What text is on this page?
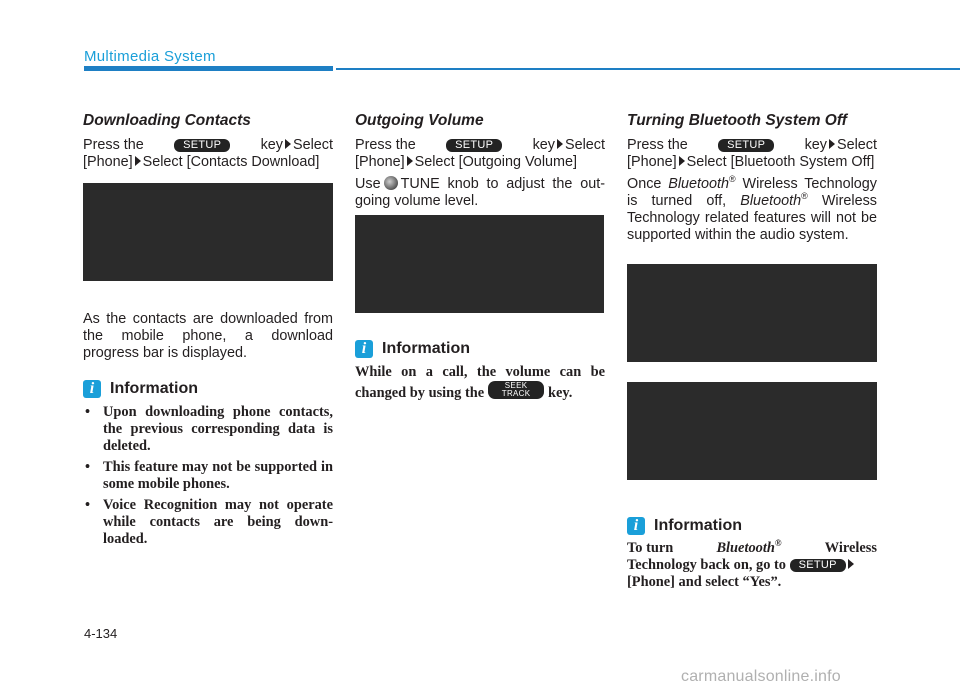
Multimedia System
Downloading Contacts

Press the	SETUP	key Select
[Phone] Select [Contacts Download]

As the contacts are downloaded from the mobile phone, a download progress bar is displayed.

i Information
• Upon downloading phone contacts, the previous corresponding data is deleted.
• This feature may not be supported in some mobile phones.
• Voice Recognition may not operate while contacts are being down-loaded.
Outgoing Volume

Press the	SETUP	key Select
[Phone] Select [Outgoing Volume]

Use TUNE knob to adjust the out-going volume level.

i Information

While on a call, the volume can be changed by using the	SEEK
TRACK key.

Turning Bluetooth System Off

Press the	SETUP	key Select
[Phone] Select [Bluetooth System Off]

Once Bluetooth® Wireless Technology is turned off, Bluetooth® Wireless Technology related features will not be supported within the audio system.

i Information

To turn	Bluetooth®	Wireless
Technology back on, go to SETUP
[Phone] and select “Yes”.

4-134
carmanualsonline.info
